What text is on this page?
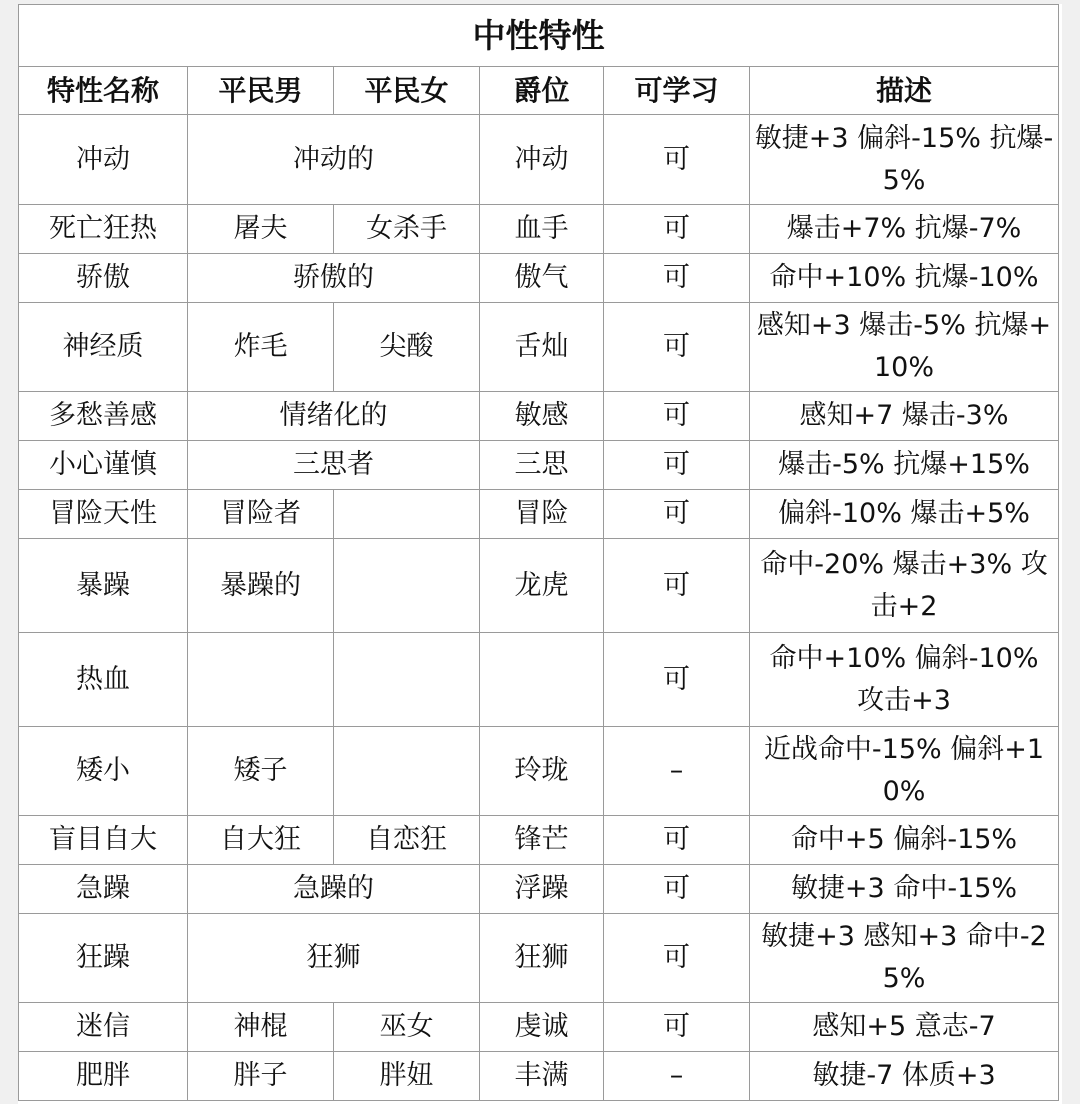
中性特性					
特性名称	平民男	平民女	爵位	可学习	描述
冲动	冲动的		冲动	可	敏捷+3 偏斜-15% 抗爆-5%
死亡狂热	屠夫	女杀手	血手	可	爆击+7% 抗爆-7%
骄傲	骄傲的		傲气	可	命中+10% 抗爆-10%
神经质	炸毛	尖酸	舌灿	可	感知+3 爆击-5% 抗爆+10%
多愁善感	情绪化的		敏感	可	感知+7 爆击-3%
小心谨慎	三思者		三思	可	爆击-5% 抗爆+15%
冒险天性	冒险者		冒险	可	偏斜-10% 爆击+5%
暴躁	暴躁的		龙虎	可	命中-20% 爆击+3% 攻击+2
热血				可	命中+10% 偏斜-10% 攻击+3
矮小	矮子		玲珑	–	近战命中-15% 偏斜+10%
盲目自大	自大狂	自恋狂	锋芒	可	命中+5 偏斜-15%
急躁	急躁的		浮躁	可	敏捷+3 命中-15%
狂躁	狂狮		狂狮	可	敏捷+3 感知+3 命中-25%
迷信	神棍	巫女	虔诚	可	感知+5 意志-7
肥胖	胖子	胖妞	丰满	–	敏捷-7 体质+3
